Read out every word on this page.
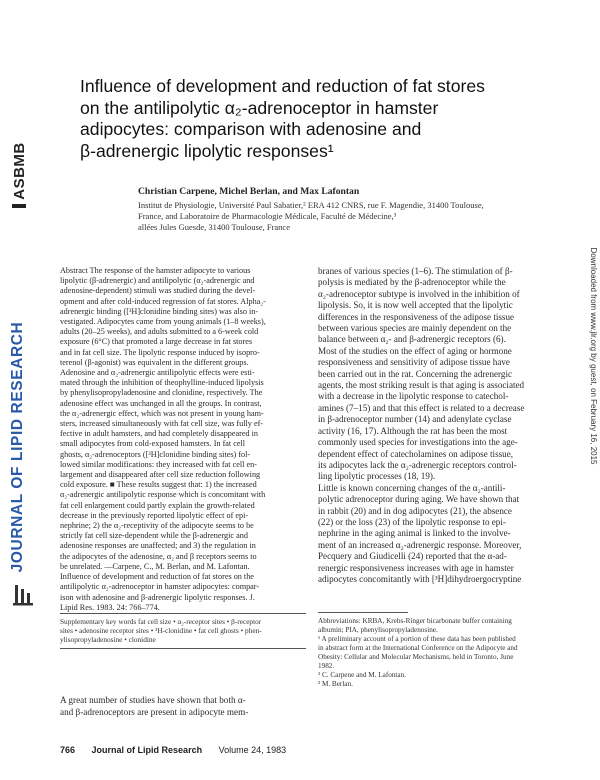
ASBMB
JOURNAL OF LIPID RESEARCH	Downloaded from www.jlr.org by guest, on February 16, 2015
Influence of development and reduction of fat stores
on the antilipolytic α₂-adrenoceptor in hamster
adipocytes: comparison with adenosine and
β-adrenergic lipolytic responses¹
Christian Carpene, Michel Berlan, and Max Lafontan
Institut de Physiologie, Université Paul Sabatier,² ERA 412 CNRS, rue F. Magendie, 31400 Toulouse,
France, and Laboratoire de Pharmacologie Médicale, Faculté de Médecine,³
allées Jules Guesde, 31400 Toulouse, France
Abstract The response of the hamster adipocyte to various
lipolytic (β-adrenergic) and antilipolytic (α₂-adrenergic and
adenosine-dependent) stimuli was studied during the devel-
opment and after cold-induced regression of fat stores. Alpha₂-
adrenergic binding ([³H]clonidine binding sites) was also in-
vestigated. Adipocytes came from young animals (1–8 weeks),
adults (20–25 weeks), and adults submitted to a 6-week cold
exposure (6°C) that promoted a large decrease in fat stores
and in fat cell size. The lipolytic response induced by isopro-
terenol (β-agonist) was equivalent in the different groups.
Adenosine and α₂-adrenergic antilipolytic effects were esti-
mated through the inhibition of theophylline-induced lipolysis
by phenylisopropyladenosine and clonidine, respectively. The
adenosine effect was unchanged in all the groups. In contrast,
the α₂-adrenergic effect, which was not present in young ham-
sters, increased simultaneously with fat cell size, was fully ef-
fective in adult hamsters, and had completely disappeared in
small adipocytes from cold-exposed hamsters. In fat cell
ghosts, α₂-adrenoceptors ([³H]clonidine binding sites) fol-
lowed similar modifications: they increased with fat cell en-
largement and disappeared after cell size reduction following
cold exposure. ■ These results suggest that: 1) the increased
α₂-adrenergic antilipolytic response which is concomitant with
fat cell enlargement could partly explain the growth-related
decrease in the previously reported lipolytic effect of epi-
nephrine; 2) the α₂-receptivity of the adipocyte seems to be
strictly fat cell size-dependent while the β-adrenergic and
adenosine responses are unaffected; and 3) the regulation in
the adipocytes of the adenosine, α₂ and β receptors seems to
be unrelated. —Carpene, C., M. Berlan, and M. Lafontan.
Influence of development and reduction of fat stores on the
antilipolytic α₂-adrenoceptor in hamster adipocytes: compar-
ison with adenosine and β-adrenergic lipolytic responses. J.
Lipid Res. 1983. 24: 766–774.
Supplementary key words fat cell size • α₂-receptor sites • β-receptor
sites • adenosine receptor sites • ³H-clonidine • fat cell ghosts • phen-
ylisopropyladenosine • clonidine
A great number of studies have shown that both α-
and β-adrenoceptors are present in adipocyte mem-
branes of various species (1–6). The stimulation of β-
polysis is mediated by the β-adrenoceptor while the
α₂-adrenoceptor subtype is involved in the inhibition of
lipolysis. So, it is now well accepted that the lipolytic
differences in the responsiveness of the adipose tissue
between various species are mainly dependent on the
balance between α₂- and β-adrenergic receptors (6).
Most of the studies on the effect of aging or hormone
responsiveness and sensitivity of adipose tissue have
been carried out in the rat. Concerning the adrenergic
agents, the most striking result is that aging is associated
with a decrease in the lipolytic response to catechol-
amines (7–15) and that this effect is related to a decrease
in β-adrenoceptor number (14) and adenylate cyclase
activity (16, 17). Although the rat has been the most
commonly used species for investigations into the age-
dependent effect of catecholamines on adipose tissue,
its adipocytes lack the α₂-adrenergic receptors control-
ling lipolytic processes (18, 19).
Little is known concerning changes of the α₂-antili-
polytic adrenoceptor during aging. We have shown that
in rabbit (20) and in dog adipocytes (21), the absence
(22) or the loss (23) of the lipolytic response to epi-
nephrine in the aging animal is linked to the involve-
ment of an increased α₂-adrenergic response. Moreover,
Pecquery and Giudicelli (24) reported that the α-ad-
renergic responsiveness increases with age in hamster
adipocytes concomitantly with [³H]dihydroergocryptine
Abbreviations: KRBA, Krebs-Ringer bicarbonate buffer containing
albumin; PIA, phenylisopropyladenosine.
¹ A preliminary account of a portion of these data has been published
in abstract form at the International Conference on the Adipocyte and
Obesity: Cellular and Molecular Mechanisms, held in Toronto, June
1982.
² C. Carpene and M. Lafontan.
³ M. Berlan.
766 Journal of Lipid Research Volume 24, 1983
